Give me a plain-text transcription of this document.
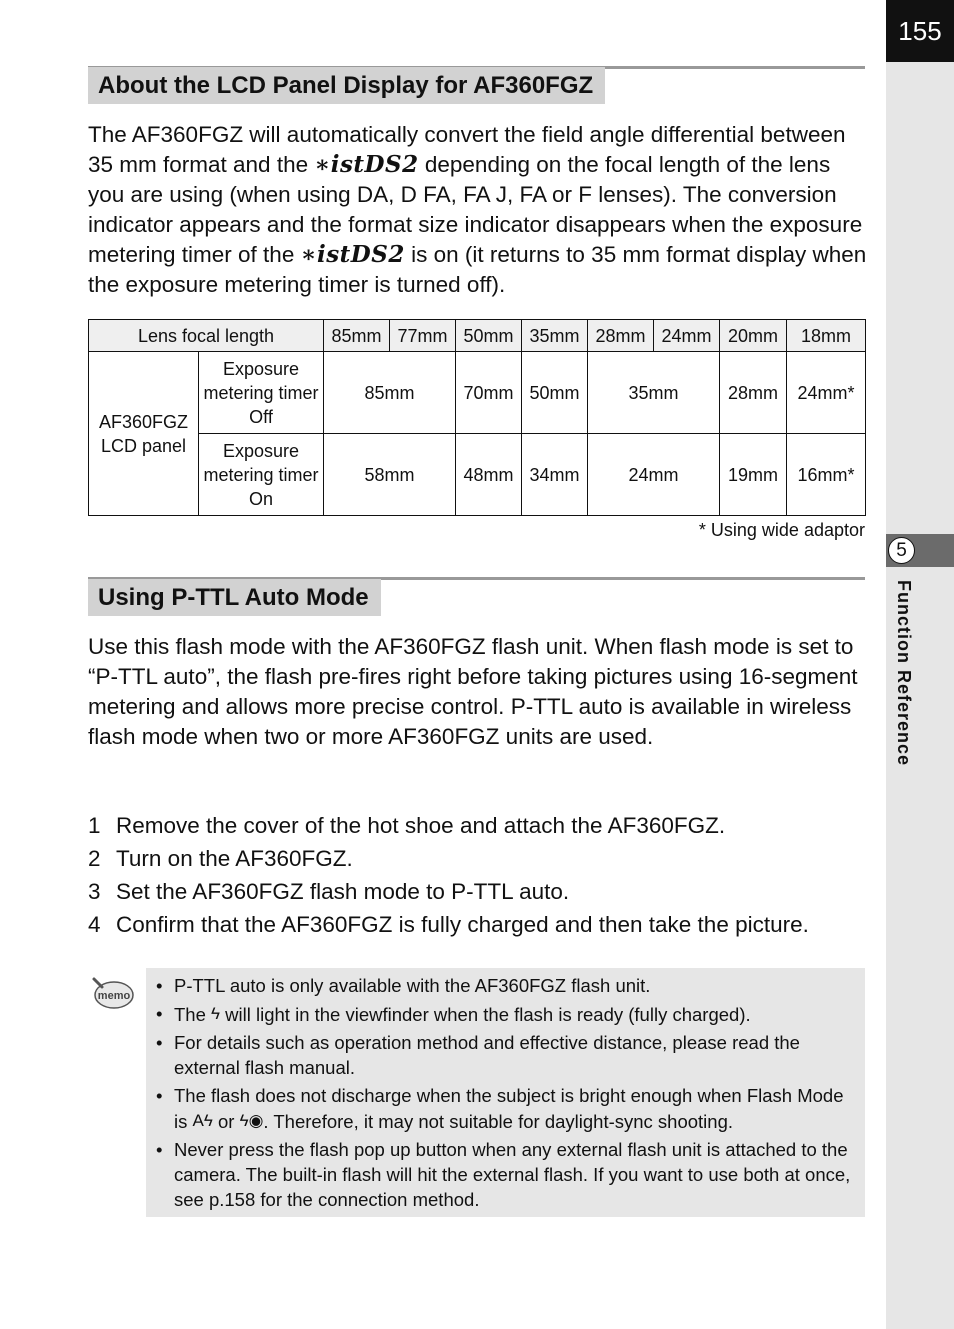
155
5
Function Reference
About the LCD Panel Display for AF360FGZ

The AF360FGZ will automatically convert the field angle differential between 35 mm format and the ∗istDS2 depending on the focal length of the lens you are using (when using DA, D FA, FA J, FA or F lenses). The conversion indicator appears and the format size indicator disappears when the exposure metering timer of the ∗istDS2 is on (it returns to 35 mm format display when the exposure metering timer is turned off).

Lens focal length		85mm	77mm	50mm	35mm	28mm	24mm	20mm	18mm
AF360FGZ LCD panel	Exposure metering timer Off	85mm		70mm	50mm	35mm		28mm	24mm*
	Exposure metering timer On	58mm		48mm	34mm	24mm		19mm	16mm*
* Using wide adaptor
Using P-TTL Auto Mode

Use this flash mode with the AF360FGZ flash unit. When flash mode is set to “P-TTL auto”, the flash pre-fires right before taking pictures using 16-segment metering and allows more precise control. P-TTL auto is available in wireless flash mode when two or more AF360FGZ units are used.

1 Remove the cover of the hot shoe and attach the AF360FGZ.
2 Turn on the AF360FGZ.
3 Set the AF360FGZ flash mode to P-TTL auto.
4 Confirm that the AF360FGZ is fully charged and then take the picture.
memo • P-TTL auto is only available with the AF360FGZ flash unit.
• The ϟ will light in the viewfinder when the flash is ready (fully charged).
• For details such as operation method and effective distance, please read the external flash manual.
• The flash does not discharge when the subject is bright enough when Flash Mode is Aϟ or ϟ◉. Therefore, it may not suitable for daylight-sync shooting.
• Never press the flash pop up button when any external flash unit is attached to the camera. The built-in flash will hit the external flash. If you want to use both at once, see p.158 for the connection method.
